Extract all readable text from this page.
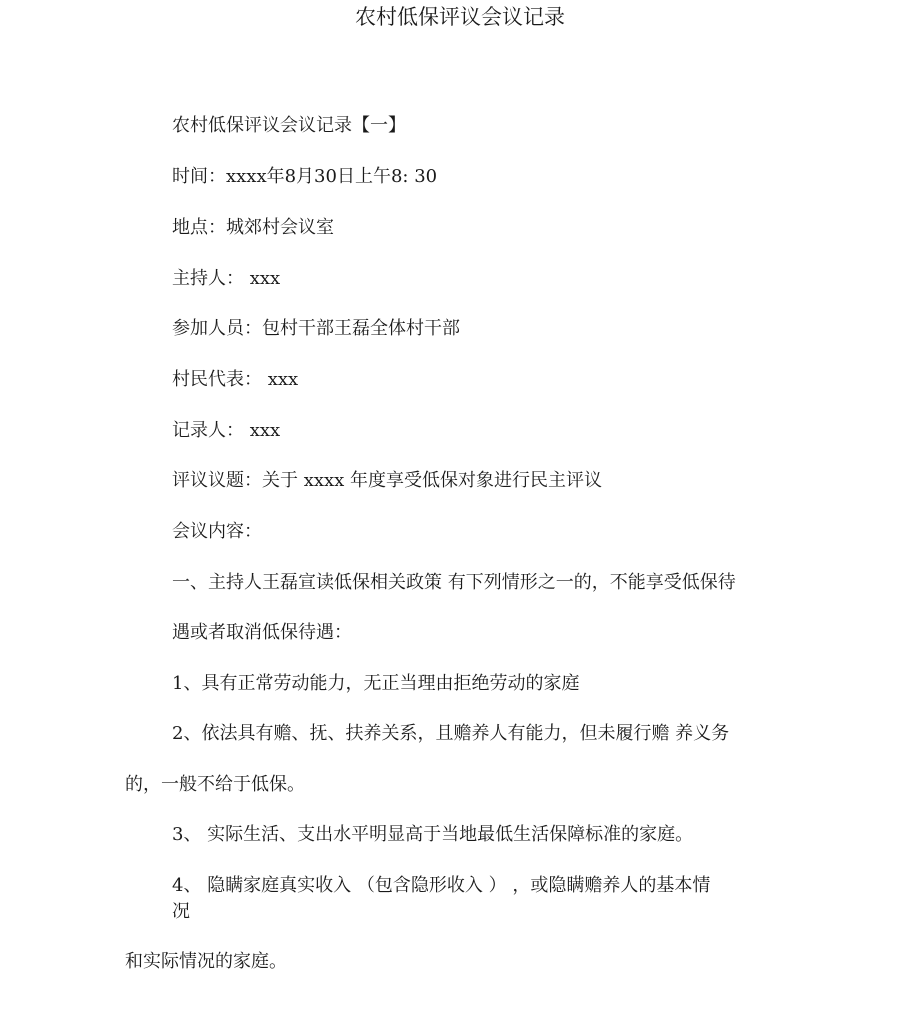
农村低保评议会议记录
农村低保评议会议记录【一】
时间：xxxx年8月30日上午8: 30
地点：城郊村会议室
主持人： xxx
参加人员：包村干部王磊全体村干部
村民代表： xxx
记录人： xxx
评议议题：关于 xxxx 年度享受低保对象进行民主评议
会议内容：
一、主持人王磊宣读低保相关政策 有下列情形之一的，不能享受低保待
遇或者取消低保待遇：
1、具有正常劳动能力，无正当理由拒绝劳动的家庭
2、依法具有赡、抚、扶养关系，且赡养人有能力，但未履行赡 养义务
的，一般不给于低保。
3、 实际生活、支出水平明显高于当地最低生活保障标准的家庭。
4、 隐瞒家庭真实收入 （包含隐形收入 ） ，或隐瞒赡养人的基本情
况
和实际情况的家庭。
